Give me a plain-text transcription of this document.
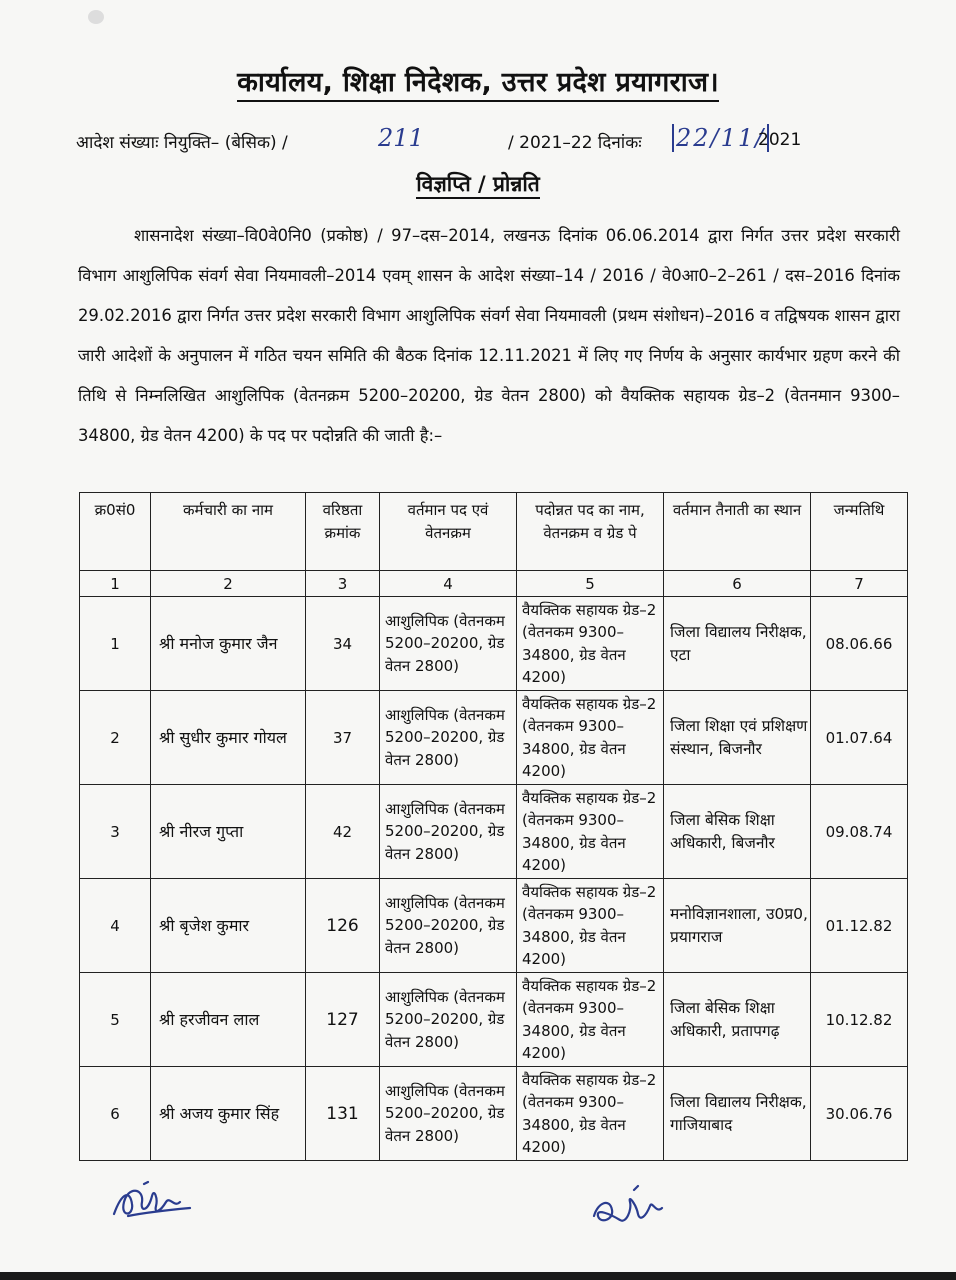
कार्यालय, शिक्षा निदेशक, उत्तर प्रदेश प्रयागराज।
आदेश संख्याः नियुक्ति– (बेसिक) /	211	/ 2021–22 दिनांकः 22/11/
2021
विज्ञप्ति / प्रोन्नति

शासनादेश संख्या–वि0वे0नि0 (प्रकोष्ठ) / 97–दस–2014, लखनऊ दिनांक 06.06.2014 द्वारा निर्गत उत्तर प्रदेश सरकारी विभाग आशुलिपिक संवर्ग सेवा नियमावली–2014 एवम् शासन के आदेश संख्या–14 / 2016 / वे0आ0–2–261 / दस–2016 दिनांक 29.02.2016 द्वारा निर्गत उत्तर प्रदेश सरकारी विभाग आशुलिपिक संवर्ग सेवा नियमावली (प्रथम संशोधन)–2016 व तद्विषयक शासन द्वारा जारी आदेशों के अनुपालन में गठित चयन समिति की बैठक दिनांक 12.11.2021 में लिए गए निर्णय के अनुसार कार्यभार ग्रहण करने की तिथि से निम्नलिखित आशुलिपिक (वेतनक्रम 5200–20200, ग्रेड वेतन 2800) को वैयक्तिक सहायक ग्रेड–2 (वेतनमान 9300–34800, ग्रेड वेतन 4200) के पद पर पदोन्नति की जाती है:–

क्र0सं0	कर्मचारी का नाम	वरिष्ठता क्रमांक	वर्तमान पद एवं वेतनक्रम	पदोन्नत पद का नाम, वेतनक्रम व ग्रेड पे	वर्तमान तैनाती का स्थान	जन्मतिथि
1	2	3	4	5	6	7
1	श्री मनोज कुमार जैन	34	आशुलिपिक (वेतनकम 5200–20200, ग्रेड वेतन 2800)	वैयक्तिक सहायक ग्रेड–2 (वेतनकम 9300–34800, ग्रेड वेतन 4200)	जिला विद्यालय निरीक्षक, एटा	08.06.66
2	श्री सुधीर कुमार गोयल	37	आशुलिपिक (वेतनकम 5200–20200, ग्रेड वेतन 2800)	वैयक्तिक सहायक ग्रेड–2 (वेतनकम 9300–34800, ग्रेड वेतन 4200)	जिला शिक्षा एवं प्रशिक्षण संस्थान, बिजनौर	01.07.64
3	श्री नीरज गुप्ता	42	आशुलिपिक (वेतनकम 5200–20200, ग्रेड वेतन 2800)	वैयक्तिक सहायक ग्रेड–2 (वेतनकम 9300–34800, ग्रेड वेतन 4200)	जिला बेसिक शिक्षा अधिकारी, बिजनौर	09.08.74
4	श्री बृजेश कुमार	126	आशुलिपिक (वेतनकम 5200–20200, ग्रेड वेतन 2800)	वैयक्तिक सहायक ग्रेड–2 (वेतनकम 9300–34800, ग्रेड वेतन 4200)	मनोविज्ञानशाला, उ0प्र0, प्रयागराज	01.12.82
5	श्री हरजीवन लाल	127	आशुलिपिक (वेतनकम 5200–20200, ग्रेड वेतन 2800)	वैयक्तिक सहायक ग्रेड–2 (वेतनकम 9300–34800, ग्रेड वेतन 4200)	जिला बेसिक शिक्षा अधिकारी, प्रतापगढ़	10.12.82
6	श्री अजय कुमार सिंह	131	आशुलिपिक (वेतनकम 5200–20200, ग्रेड वेतन 2800)	वैयक्तिक सहायक ग्रेड–2 (वेतनकम 9300–34800, ग्रेड वेतन 4200)	जिला विद्यालय निरीक्षक, गाजियाबाद	30.06.76
